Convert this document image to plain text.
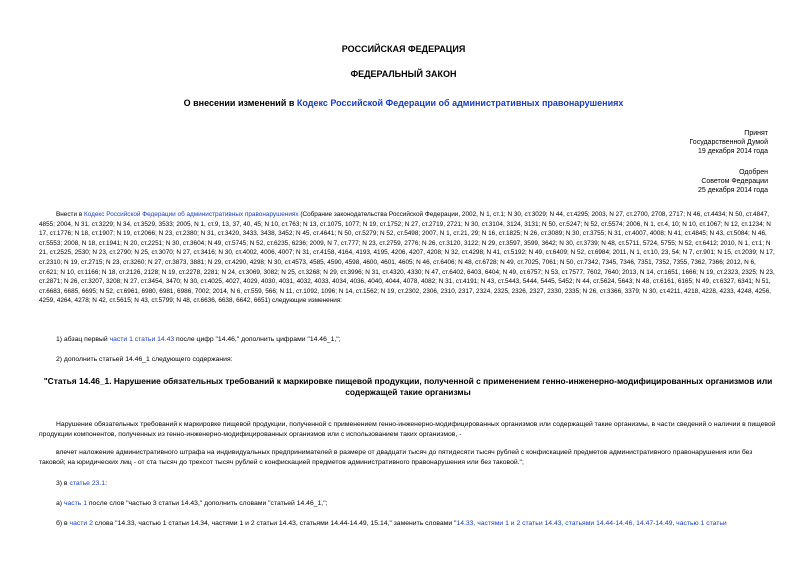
РОССИЙСКАЯ ФЕДЕРАЦИЯ
ФЕДЕРАЛЬНЫЙ ЗАКОН
О внесении изменений в Кодекс Российской Федерации об административных правонарушениях
Принят
Государственной Думой
19 декабря 2014 года
Одобрен
Советом Федерации
25 декабря 2014 года
Внести в Кодекс Российской Федерации об административных правонарушениях (Собрание законодательства Российской Федерации, 2002, N 1, ст.1; N 30, ст.3029; N 44, ст.4295; 2003, N 27, ст.2700, 2708, 2717; N 46, ст.4434; N 50, ст.4847, 4855; 2004, N 31, ст.3229; N 34, ст.3529, 3533; 2005, N 1, ст.9, 13, 37, 40, 45; N 10, ст.763; N 13, ст.1075, 1077; N 19, ст.1752; N 27, ст.2719, 2721; N 30, ст.3104, 3124, 3131; N 50, ст.5247; N 52, ст.5574; 2006, N 1, ст.4, 10; N 10, ст.1067; N 12, ст.1234; N 17, ст.1776; N 18, ст.1907; N 19, ст.2066; N 23, ст.2380; N 31, ст.3420, 3433, 3438, 3452; N 45, ст.4641; N 50, ст.5279; N 52, ст.5498; 2007, N 1, ст.21, 29; N 16, ст.1825; N 26, ст.3089; N 30, ст.3755; N 31, ст.4007, 4008; N 41, ст.4845; N 43, ст.5084; N 46, ст.5553; 2008, N 18, ст.1941; N 20, ст.2251; N 30, ст.3604; N 49, ст.5745; N 52, ст.6235, 6236; 2009, N 7, ст.777; N 23, ст.2759, 2776; N 26, ст.3120, 3122; N 29, ст.3597, 3599, 3642; N 30, ст.3739; N 48, ст.5711, 5724, 5755; N 52, ст.6412; 2010, N 1, ст.1; N 21, ст.2525, 2530; N 23, ст.2790; N 25, ст.3070; N 27, ст.3416; N 30, ст.4002, 4006, 4007; N 31, ст.4158, 4164, 4193, 4195, 4206, 4207, 4208; N 32, ст.4298; N 41, ст.5192; N 49, ст.6409; N 52, ст.6984; 2011, N 1, ст.10, 23, 54; N 7, ст.901; N 15, ст.2039; N 17, ст.2310; N 19, ст.2715; N 23, ст.3260; N 27, ст.3873, 3881; N 29, ст.4290, 4298; N 30, ст.4573, 4585, 4590, 4598, 4600, 4601, 4605; N 46, ст.6406; N 48, ст.6728; N 49, ст.7025, 7061; N 50, ст.7342, 7345, 7346, 7351, 7352, 7355, 7362, 7366; 2012, N 6, ст.621; N 10, ст.1166; N 18, ст.2126, 2128; N 19, ст.2278, 2281; N 24, ст.3069, 3082; N 25, ст.3268; N 29, ст.3996; N 31, ст.4320, 4330; N 47, ст.6402, 6403, 6404; N 49, ст.6757; N 53, ст.7577, 7602, 7640; 2013, N 14, ст.1651, 1666; N 19, ст.2323, 2325; N 23, ст.2871; N 26, ст.3207, 3208; N 27, ст.3454, 3470; N 30, ст.4025, 4027, 4029, 4030, 4031, 4032, 4033, 4034, 4036, 4040, 4044, 4078, 4082; N 31, ст.4191; N 43, ст.5443, 5444, 5445, 5452; N 44, ст.5624, 5643; N 48, ст.6161, 6165; N 49, ст.6327, 6341; N 51, ст.6683, 6685, 6695; N 52, ст.6961, 6980, 6981, 6986, 7002; 2014, N 6, ст.559, 566; N 11, ст.1092, 1096; N 14, ст.1562; N 19, ст.2302, 2306, 2310, 2317, 2324, 2325, 2326, 2327, 2330, 2335; N 26, ст.3366, 3379; N 30, ст.4211, 4218, 4228, 4233, 4248, 4256, 4259, 4264, 4278; N 42, ст.5615; N 43, ст.5799; N 48, ст.6636, 6638, 6642, 6651) следующие изменения:
1) абзац первый части 1 статьи 14.43 после цифр "14.46," дополнить цифрами "14.46_1,";
2) дополнить статьей 14.46_1 следующего содержания:
"Статья 14.46_1. Нарушение обязательных требований к маркировке пищевой продукции, полученной с применением генно-инженерно-модифицированных организмов или содержащей такие организмы
Нарушение обязательных требований к маркировке пищевой продукции, полученной с применением генно-инженерно-модифицированных организмов или содержащей такие организмы, в части сведений о наличии в пищевой продукции компонентов, полученных из генно-инженерно-модифицированных организмов или с использованием таких организмов, -
влечет наложение административного штрафа на индивидуальных предпринимателей в размере от двадцати тысяч до пятидесяти тысяч рублей с конфискацией предметов административного правонарушения или без таковой; на юридических лиц - от ста тысяч до трехсот тысяч рублей с конфискацией предметов административного правонарушения или без таковой.";
3) в статье 23.1:
а) часть 1 после слов "частью 3 статьи 14.43," дополнить словами "статьей 14.46_1,";
б) в части 2 слова "14.33, частью 1 статьи 14.34, частями 1 и 2 статьи 14.43, статьями 14.44-14.49, 15.14," заменить словами "14.33, частями 1 и 2 статьи 14.43, статьями 14.44-14.46, 14.47-14.49, частью 1 статьи
